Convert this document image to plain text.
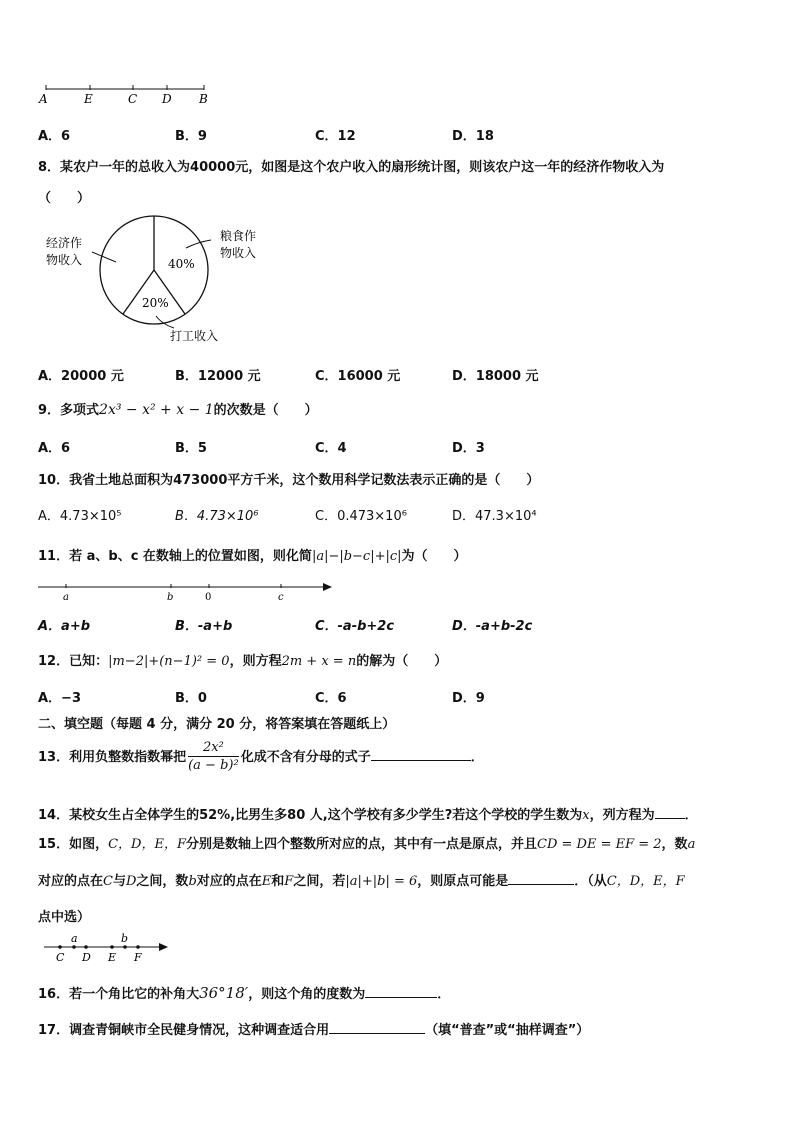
A	E	C D B
A．6	B．9	C．12	D．18
8．某农户一年的总收入为40000元，如图是这个农户收入的扇形统计图，则该农户这一年的经济作物收入为
（　　）
40%
20%
粮食作
物收入
经济作
物收入
打工收入
A．20000 元	B．12000 元	C．16000 元	D．18000 元
9．多项式2x³ − x² + x − 1的次数是（　　）
A．6	B．5	C．4	D．3
10．我省土地总面积为473000平方千米，这个数用科学记数法表示正确的是（　　）
A．4.73×10⁵	B．4.73×10⁶	C．0.473×10⁶	D．47.3×10⁴
11．若 a、b、c 在数轴上的位置如图，则化简|a|−|b−c|+|c|为（　　）
a	b	0	c
A．a+b	B．-a+b	C．-a-b+2c	D．-a+b-2c
12．已知：|m−2|+(n−1)² = 0，则方程2m + x = n的解为（　　）
A．−3	B．0	C．6	D．9
二、填空题（每题 4 分，满分 20 分，将答案填在答题纸上）
13．利用负整数指数幂把 $\frac{\text{2x²}}{\text{(a − b)²}}$ 化成不含有分母的式子	．
14．某校女生占全体学生的52%,比男生多80 人,这个学校有多少学生?若这个学校的学生数为x，列方程为 ．
15．如图，C，D，E，F分别是数轴上四个整数所对应的点，其中有一点是原点，并且CD = DE = EF = 2，数a
对应的点在C与D之间，数b对应的点在E和F之间，若|a|+|b| = 6，则原点可能是	．（从C，D，E，F
点中选）
a	b
C D E F
16．若一个角比它的补角大36°18′，则这个角的度数为	．
17．调查青铜峡市全民健身情况，这种调查适合用	（填“普查”或“抽样调查”）
